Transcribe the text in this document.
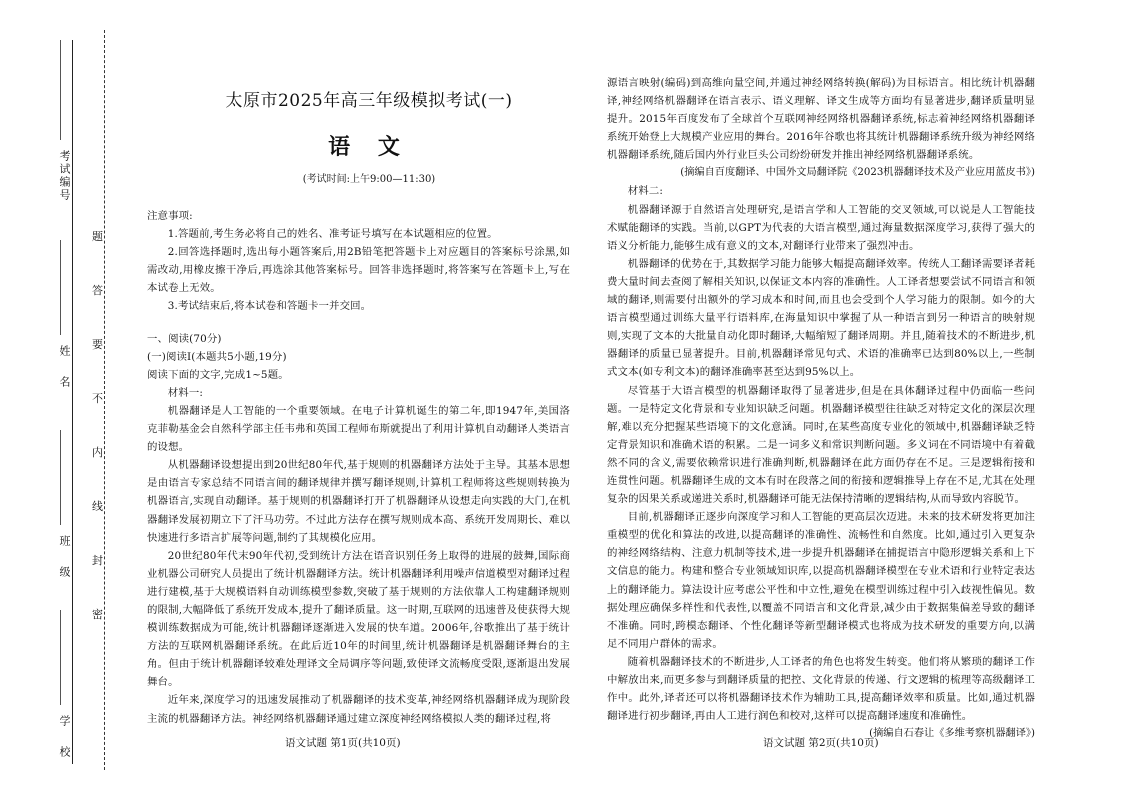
考试编号
姓名
班级
学校
题
答
要
不
内
线
封
密
太原市2025年高三年级模拟考试(一)
语 文
(考试时间:上午9:00—11:30)

注意事项:

1.答题前,考生务必将自己的姓名、准考证号填写在本试题相应的位置。

2.回答选择题时,选出每小题答案后,用2B铅笔把答题卡上对应题目的答案标号涂黑,如需改动,用橡皮擦干净后,再选涂其他答案标号。回答非选择题时,将答案写在答题卡上,写在本试卷上无效。

3.考试结束后,将本试卷和答题卡一并交回。

一、阅读(70分)

(一)阅读Ⅰ(本题共5小题,19分)

阅读下面的文字,完成1~5题。

材料一:

机器翻译是人工智能的一个重要领域。在电子计算机诞生的第二年,即1947年,美国洛克菲勒基金会自然科学部主任韦弗和英国工程师布斯就提出了利用计算机自动翻译人类语言的设想。

从机器翻译设想提出到20世纪80年代,基于规则的机器翻译方法处于主导。其基本思想是由语言专家总结不同语言间的翻译规律并撰写翻译规则,计算机工程师将这些规则转换为机器语言,实现自动翻译。基于规则的机器翻译打开了机器翻译从设想走向实践的大门,在机器翻译发展初期立下了汗马功劳。不过此方法存在撰写规则成本高、系统开发周期长、难以快速进行多语言扩展等问题,制约了其规模化应用。

20世纪80年代末90年代初,受到统计方法在语音识别任务上取得的进展的鼓舞,国际商业机器公司研究人员提出了统计机器翻译方法。统计机器翻译利用噪声信道模型对翻译过程进行建模,基于大规模语料自动训练模型参数,突破了基于规则的方法依靠人工构建翻译规则的限制,大幅降低了系统开发成本,提升了翻译质量。这一时期,互联网的迅速普及使获得大规模训练数据成为可能,统计机器翻译逐渐进入发展的快车道。2006年,谷歌推出了基于统计方法的互联网机器翻译系统。在此后近10年的时间里,统计机器翻译是机器翻译舞台的主角。但由于统计机器翻译较难处理译文全局调序等问题,致使译文流畅度受限,逐渐退出发展舞台。

近年来,深度学习的迅速发展推动了机器翻译的技术变革,神经网络机器翻译成为现阶段主流的机器翻译方法。神经网络机器翻译通过建立深度神经网络模拟人类的翻译过程,将

源语言映射(编码)到高维向量空间,并通过神经网络转换(解码)为目标语言。相比统计机器翻译,神经网络机器翻译在语言表示、语义理解、译文生成等方面均有显著进步,翻译质量明显提升。2015年百度发布了全球首个互联网神经网络机器翻译系统,标志着神经网络机器翻译系统开始登上大规模产业应用的舞台。2016年谷歌也将其统计机器翻译系统升级为神经网络机器翻译系统,随后国内外行业巨头公司纷纷研发并推出神经网络机器翻译系统。

(摘编自百度翻译、中国外文局翻译院《2023机器翻译技术及产业应用蓝皮书》)

材料二:

机器翻译源于自然语言处理研究,是语言学和人工智能的交叉领域,可以说是人工智能技术赋能翻译的实践。当前,以GPT为代表的大语言模型,通过海量数据深度学习,获得了强大的语义分析能力,能够生成有意义的文本,对翻译行业带来了强烈冲击。

机器翻译的优势在于,其数据学习能力能够大幅提高翻译效率。传统人工翻译需要译者耗费大量时间去查阅了解相关知识,以保证文本内容的准确性。人工译者想要尝试不同语言和领域的翻译,则需要付出额外的学习成本和时间,而且也会受到个人学习能力的限制。如今的大语言模型通过训练大量平行语料库,在海量知识中掌握了从一种语言到另一种语言的映射规则,实现了文本的大批量自动化即时翻译,大幅缩短了翻译周期。并且,随着技术的不断进步,机器翻译的质量已显著提升。目前,机器翻译常见句式、术语的准确率已达到80%以上,一些制式文本(如专利文本)的翻译准确率甚至达到95%以上。

尽管基于大语言模型的机器翻译取得了显著进步,但是在具体翻译过程中仍面临一些问题。一是特定文化背景和专业知识缺乏问题。机器翻译模型往往缺乏对特定文化的深层次理解,难以充分把握某些语境下的文化意涵。同时,在某些高度专业化的领域中,机器翻译缺乏特定背景知识和准确术语的积累。二是一词多义和常识判断问题。多义词在不同语境中有着截然不同的含义,需要依赖常识进行准确判断,机器翻译在此方面仍存在不足。三是逻辑衔接和连贯性问题。机器翻译生成的文本有时在段落之间的衔接和逻辑推导上存在不足,尤其在处理复杂的因果关系或递进关系时,机器翻译可能无法保持清晰的逻辑结构,从而导致内容脱节。

目前,机器翻译正逐步向深度学习和人工智能的更高层次迈进。未来的技术研发将更加注重模型的优化和算法的改进,以提高翻译的准确性、流畅性和自然度。比如,通过引入更复杂的神经网络结构、注意力机制等技术,进一步提升机器翻译在捕捉语言中隐形逻辑关系和上下文信息的能力。构建和整合专业领域知识库,以提高机器翻译模型在专业术语和行业特定表达上的翻译能力。算法设计应考虑公平性和中立性,避免在模型训练过程中引入歧视性偏见。数据处理应确保多样性和代表性,以覆盖不同语言和文化背景,减少由于数据集偏差导致的翻译不准确。同时,跨模态翻译、个性化翻译等新型翻译模式也将成为技术研发的重要方向,以满足不同用户群体的需求。

随着机器翻译技术的不断进步,人工译者的角色也将发生转变。他们将从繁琐的翻译工作中解放出来,而更多参与到翻译质量的把控、文化背景的传递、行文逻辑的梳理等高级翻译工作中。此外,译者还可以将机器翻译技术作为辅助工具,提高翻译效率和质量。比如,通过机器翻译进行初步翻译,再由人工进行润色和校对,这样可以提高翻译速度和准确性。

(摘编自石春让《多维考察机器翻译》)

语文试题 第1页(共10页)	语文试题 第2页(共10页)
